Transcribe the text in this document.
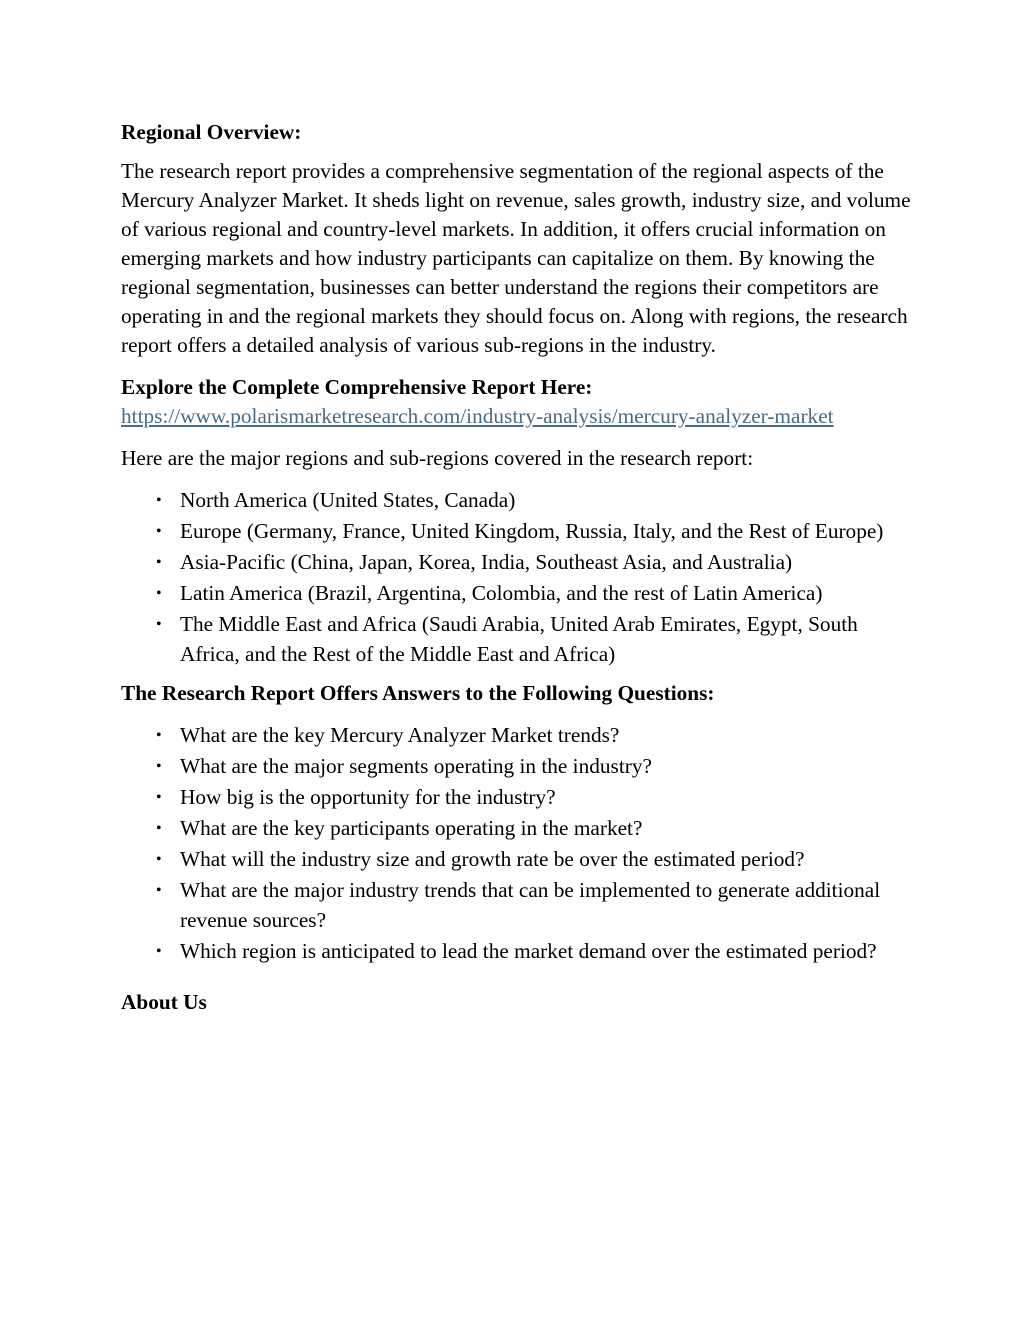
Regional Overview:

The research report provides a comprehensive segmentation of the regional aspects of the Mercury Analyzer Market. It sheds light on revenue, sales growth, industry size, and volume of various regional and country-level markets. In addition, it offers crucial information on emerging markets and how industry participants can capitalize on them. By knowing the regional segmentation, businesses can better understand the regions their competitors are operating in and the regional markets they should focus on. Along with regions, the research report offers a detailed analysis of various sub-regions in the industry.

Explore the Complete Comprehensive Report Here:

https://www.polarismarketresearch.com/industry-analysis/mercury-analyzer-market

Here are the major regions and sub-regions covered in the research report:

• North America (United States, Canada)
• Europe (Germany, France, United Kingdom, Russia, Italy, and the Rest of Europe)
• Asia-Pacific (China, Japan, Korea, India, Southeast Asia, and Australia)
• Latin America (Brazil, Argentina, Colombia, and the rest of Latin America)
• The Middle East and Africa (Saudi Arabia, United Arab Emirates, Egypt, South Africa, and the Rest of the Middle East and Africa)
The Research Report Offers Answers to the Following Questions:
• What are the key Mercury Analyzer Market trends?
• What are the major segments operating in the industry?
• How big is the opportunity for the industry?
• What are the key participants operating in the market?
• What will the industry size and growth rate be over the estimated period?
• What are the major industry trends that can be implemented to generate additional revenue sources?
• Which region is anticipated to lead the market demand over the estimated period?
About Us
